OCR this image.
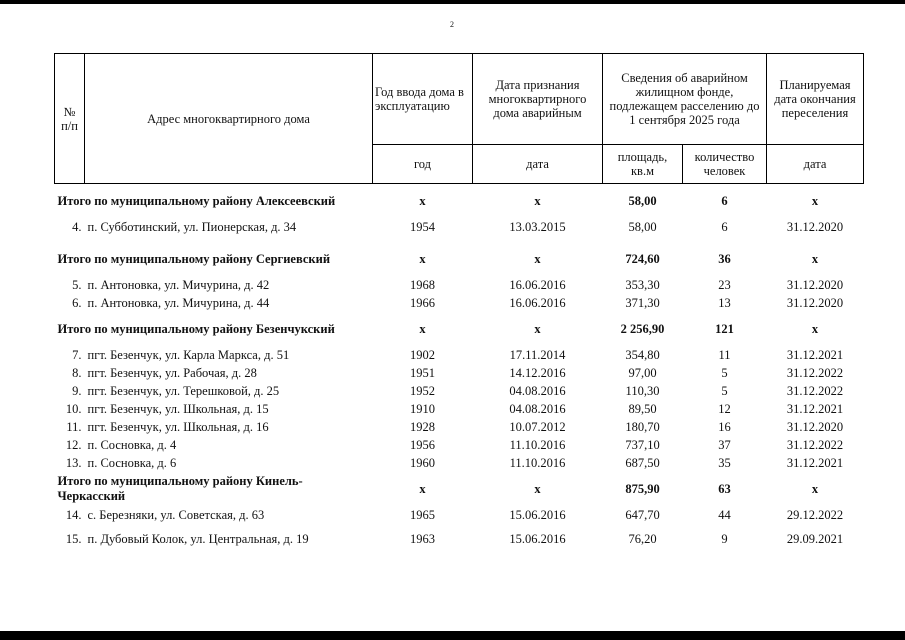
2
№
п/п	Адрес многоквартирного дома	Год ввода дома в эксплуатацию	Дата признания многоквартирного дома аварийным	Сведения об аварийном жилищном фонде, подлежащем расселению до 1 сентября 2025 года		Планируемая дата окончания переселения
		год	дата	площадь, кв.м	количество человек	дата
Итого по муниципальному району Алексеевский		х	х	58,00	6	х
4.	п. Субботинский, ул. Пионерская, д. 34	1954	13.03.2015	58,00	6	31.12.2020

Итого по муниципальному району Сергиевский		х	х	724,60	36	х
5.	п. Антоновка, ул. Мичурина, д. 42	1968	16.06.2016	353,30	23	31.12.2020
6.	п. Антоновка, ул. Мичурина, д. 44	1966	16.06.2016	371,30	13	31.12.2020
Итого по муниципальному району Безенчукский		х	х	2 256,90	121	х
7.	пгт. Безенчук, ул. Карла Маркса, д. 51	1902	17.11.2014	354,80	11	31.12.2021
8.	пгт. Безенчук, ул. Рабочая, д. 28	1951	14.12.2016	97,00	5	31.12.2022
9.	пгт. Безенчук, ул. Терешковой, д. 25	1952	04.08.2016	110,30	5	31.12.2022
10.	пгт. Безенчук, ул. Школьная, д. 15	1910	04.08.2016	89,50	12	31.12.2021
11.	пгт. Безенчук, ул. Школьная, д. 16	1928	10.07.2012	180,70	16	31.12.2020
12.	п. Сосновка, д. 4	1956	11.10.2016	737,10	37	31.12.2022
13.	п. Сосновка, д. 6	1960	11.10.2016	687,50	35	31.12.2021
Итого по муниципальному району Кинель-Черкасский		х	х	875,90	63	х
14.	с. Березняки, ул. Советская, д. 63	1965	15.06.2016	647,70	44	29.12.2022

15.	п. Дубовый Колок, ул. Центральная, д. 19	1963	15.06.2016	76,20	9	29.09.2021
